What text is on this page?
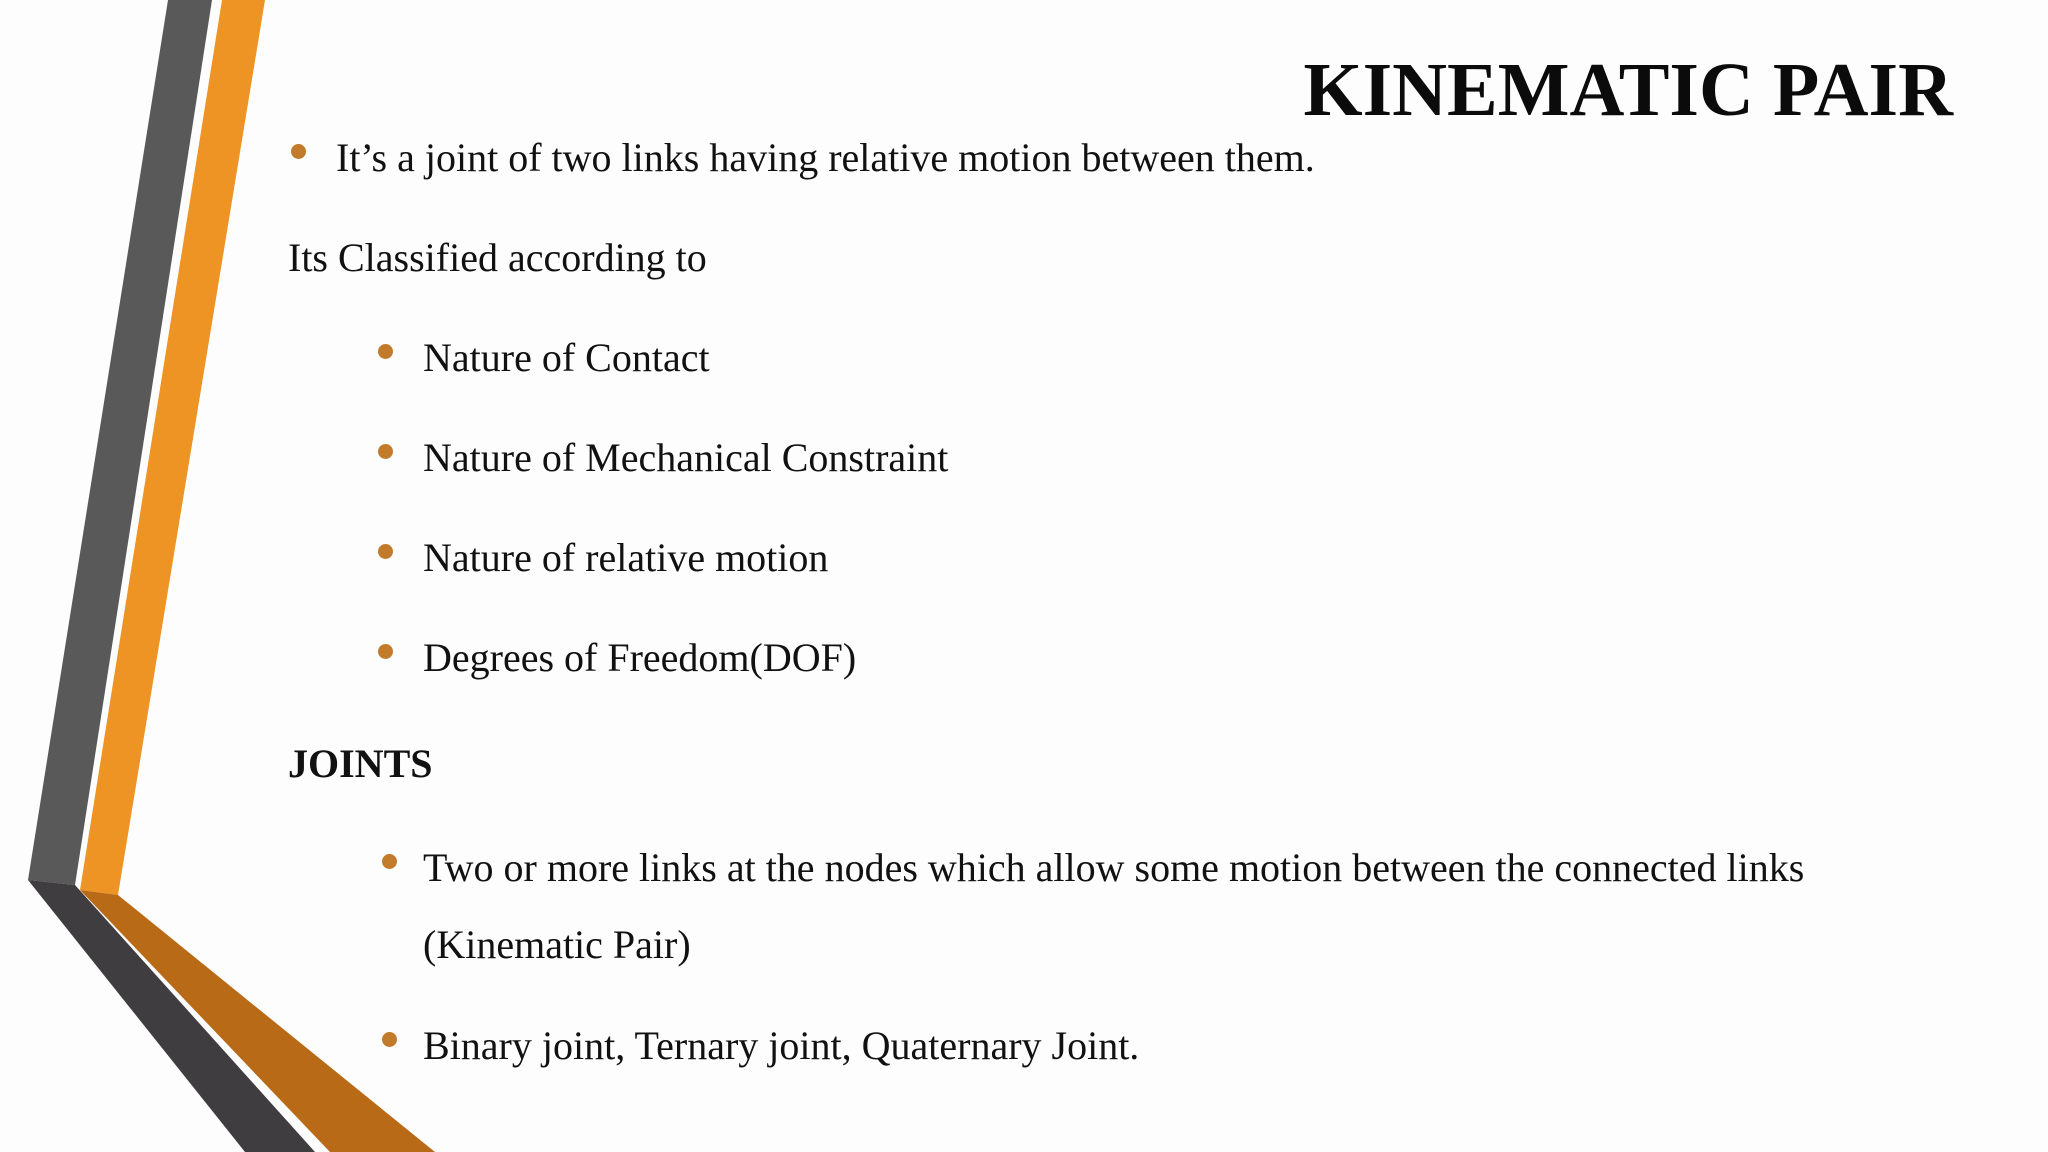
KINEMATIC PAIR
It’s a joint of two links having relative motion between them.
Its Classified according to
Nature of Contact
Nature of Mechanical Constraint
Nature of relative motion
Degrees of Freedom(DOF)
JOINTS
Two or more links at the nodes which allow some motion between the connected links
(Kinematic Pair)
Binary joint, Ternary joint, Quaternary Joint.
